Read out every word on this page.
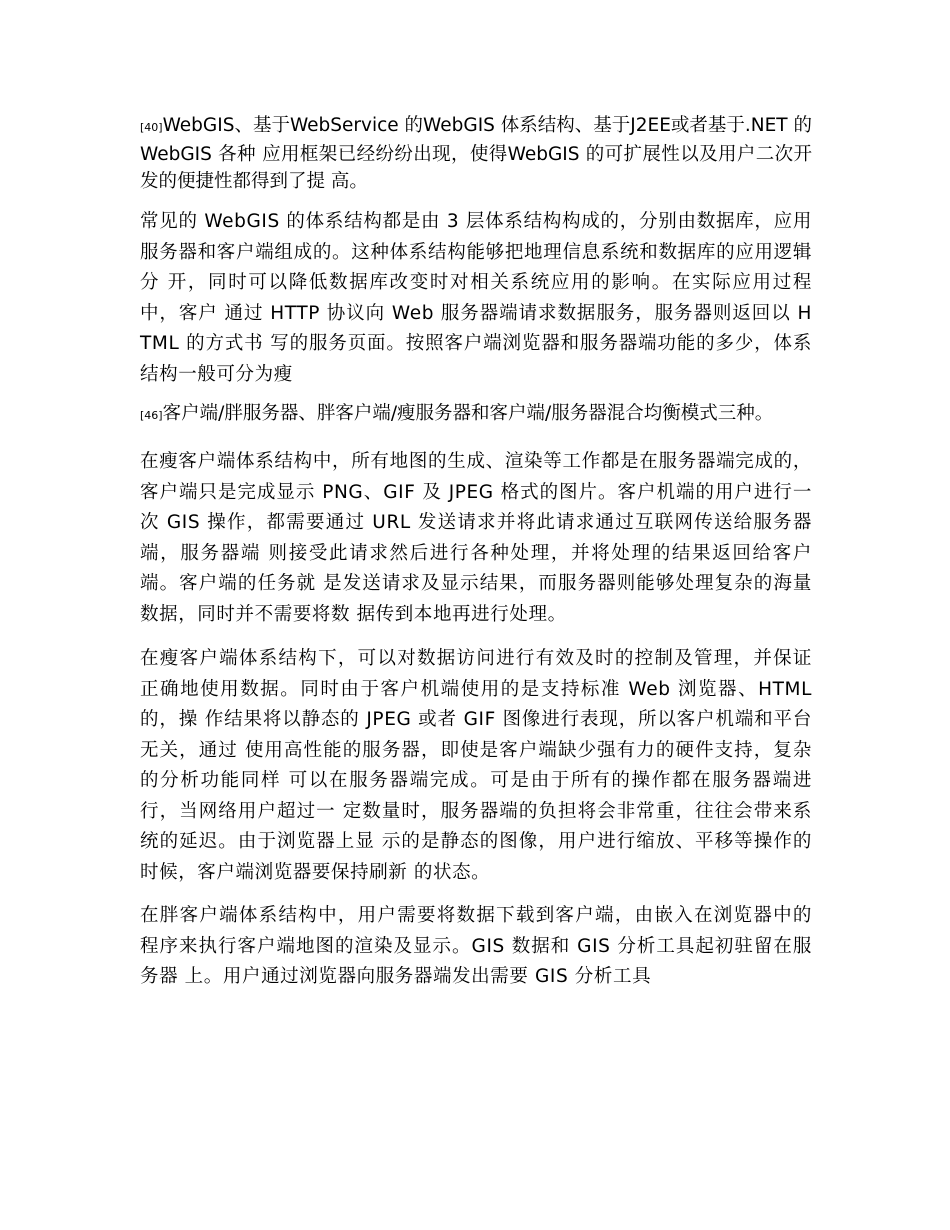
[40]WebGIS、基于WebService 的WebGIS 体系结构、基于J2EE或者基于.NET 的WebGIS 各种 应用框架已经纷纷出现，使得WebGIS 的可扩展性以及用户二次开发的便捷性都得到了提 高。

常见的 WebGIS 的体系结构都是由 3 层体系结构构成的，分别由数据库，应用 服务器和客户端组成的。这种体系结构能够把地理信息系统和数据库的应用逻辑分 开，同时可以降低数据库改变时对相关系统应用的影响。在实际应用过程中，客户 通过 HTTP 协议向 Web 服务器端请求数据服务，服务器则返回以 HTML 的方式书 写的服务页面。按照客户端浏览器和服务器端功能的多少，体系结构一般可分为瘦

[46]客户端/胖服务器、胖客户端/瘦服务器和客户端/服务器混合均衡模式三种。

在瘦客户端体系结构中，所有地图的生成、渲染等工作都是在服务器端完成的， 客户端只是完成显示 PNG、GIF 及 JPEG 格式的图片。客户机端的用户进行一次 GIS 操作，都需要通过 URL 发送请求并将此请求通过互联网传送给服务器端，服务器端 则接受此请求然后进行各种处理，并将处理的结果返回给客户端。客户端的任务就 是发送请求及显示结果，而服务器则能够处理复杂的海量数据，同时并不需要将数 据传到本地再进行处理。

在瘦客户端体系结构下，可以对数据访问进行有效及时的控制及管理，并保证 正确地使用数据。同时由于客户机端使用的是支持标准 Web 浏览器、HTML 的，操 作结果将以静态的 JPEG 或者 GIF 图像进行表现，所以客户机端和平台无关，通过 使用高性能的服务器，即使是客户端缺少强有力的硬件支持，复杂的分析功能同样 可以在服务器端完成。可是由于所有的操作都在服务器端进行，当网络用户超过一 定数量时，服务器端的负担将会非常重，往往会带来系统的延迟。由于浏览器上显 示的是静态的图像，用户进行缩放、平移等操作的时候，客户端浏览器要保持刷新 的状态。

在胖客户端体系结构中，用户需要将数据下载到客户端，由嵌入在浏览器中的 程序来执行客户端地图的渲染及显示。GIS 数据和 GIS 分析工具起初驻留在服务器 上。用户通过浏览器向服务器端发出需要 GIS 分析工具
